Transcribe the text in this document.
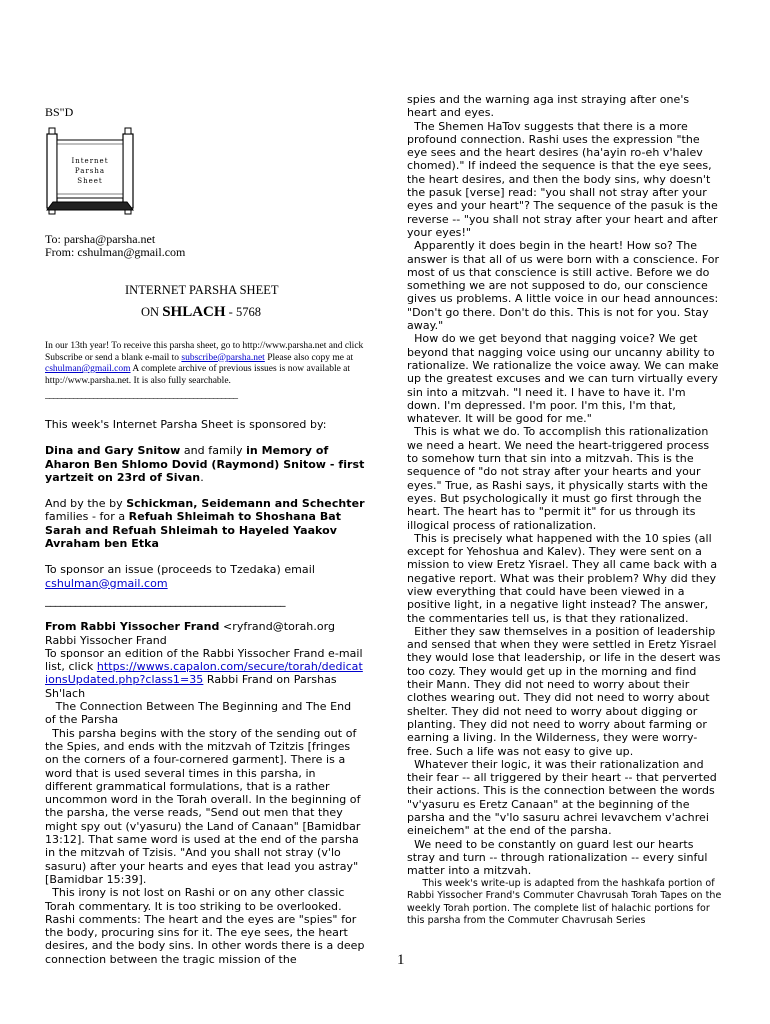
BS"D
Internet
Parsha
Sheet
To: parsha@parsha.net
From: cshulman@gmail.com
INTERNET PARSHA SHEET
ON SHLACH - 5768
In our 13th year! To receive this parsha sheet, go to http://www.parsha.net and click Subscribe or send a blank e-mail to subscribe@parsha.net Please also copy me at cshulman@gmail.com A complete archive of previous issues is now available at http://www.parsha.net. It is also fully searchable.
________________________________________________
This week's Internet Parsha Sheet is sponsored by:
Dina and Gary Snitow and family in Memory of Aharon Ben Shlomo Dovid (Raymond) Snitow - first yartzeit on 23rd of Sivan.
And by the by Schickman, Seidemann and Schechter families - for a Refuah Shleimah to Shoshana Bat Sarah and Refuah Shleimah to Hayeled Yaakov Avraham ben Etka
To sponsor an issue (proceeds to Tzedaka) email cshulman@gmail.com
________________________________________________
From Rabbi Yissocher Frand <ryfrand@torah.org
Rabbi Yissocher Frand
To sponsor an edition of the Rabbi Yissocher Frand e-mail list, click https://wwws.capalon.com/secure/torah/dedicationsUpdated.php?class1=35 Rabbi Frand on Parshas Sh'lach

The Connection Between The Beginning and The End of the Parsha

This parsha begins with the story of the sending out of the Spies, and ends with the mitzvah of Tzitzis [fringes on the corners of a four-cornered garment]. There is a word that is used several times in this parsha, in different grammatical formulations, that is a rather uncommon word in the Torah overall. In the beginning of the parsha, the verse reads, "Send out men that they might spy out (v'yasuru) the Land of Canaan" [Bamidbar 13:12]. That same word is used at the end of the parsha in the mitzvah of Tzisis. "And you shall not stray (v'lo sasuru) after your hearts and eyes that lead you astray" [Bamidbar 15:39].

This irony is not lost on Rashi or on any other classic Torah commentary. It is too striking to be overlooked. Rashi comments: The heart and the eyes are "spies" for the body, procuring sins for it. The eye sees, the heart desires, and the body sins. In other words there is a deep connection between the tragic mission of the

spies and the warning aga inst straying after one's heart and eyes.

The Shemen HaTov suggests that there is a more profound connection. Rashi uses the expression "the eye sees and the heart desires (ha'ayin ro-eh v'halev chomed)." If indeed the sequence is that the eye sees, the heart desires, and then the body sins, why doesn't the pasuk [verse] read: "you shall not stray after your eyes and your heart"? The sequence of the pasuk is the reverse -- "you shall not stray after your heart and after your eyes!"

Apparently it does begin in the heart! How so? The answer is that all of us were born with a conscience. For most of us that conscience is still active. Before we do something we are not supposed to do, our conscience gives us problems. A little voice in our head announces: "Don't go there. Don't do this. This is not for you. Stay away."

How do we get beyond that nagging voice? We get beyond that nagging voice using our uncanny ability to rationalize. We rationalize the voice away. We can make up the greatest excuses and we can turn virtually every sin into a mitzvah. "I need it. I have to have it. I'm down. I'm depressed. I'm poor. I'm this, I'm that, whatever. It will be good for me."

This is what we do. To accomplish this rationalization we need a heart. We need the heart-triggered process to somehow turn that sin into a mitzvah. This is the sequence of "do not stray after your hearts and your eyes." True, as Rashi says, it physically starts with the eyes. But psychologically it must go first through the heart. The heart has to "permit it" for us through its illogical process of rationalization.

This is precisely what happened with the 10 spies (all except for Yehoshua and Kalev). They were sent on a mission to view Eretz Yisrael. They all came back with a negative report. What was their problem? Why did they view everything that could have been viewed in a positive light, in a negative light instead? The answer, the commentaries tell us, is that they rationalized.

Either they saw themselves in a position of leadership and sensed that when they were settled in Eretz Yisrael they would lose that leadership, or life in the desert was too cozy. They would get up in the morning and find their Mann. They did not need to worry about their clothes wearing out. They did not need to worry about shelter. They did not need to worry about digging or planting. They did not need to worry about farming or earning a living. In the Wilderness, they were worry-free. Such a life was not easy to give up.

Whatever their logic, it was their rationalization and their fear -- all triggered by their heart -- that perverted their actions. This is the connection between the words "v'yasuru es Eretz Canaan" at the beginning of the parsha and the "v'lo sasuru achrei levavchem v'achrei eineichem" at the end of the parsha.

We need to be constantly on guard lest our hearts stray and turn -- through rationalization -- every sinful matter into a mitzvah.

This week's write-up is adapted from the hashkafa portion of Rabbi Yissocher Frand's Commuter Chavrusah Torah Tapes on the weekly Torah portion. The complete list of halachic portions for this parsha from the Commuter Chavrusah Series

1
